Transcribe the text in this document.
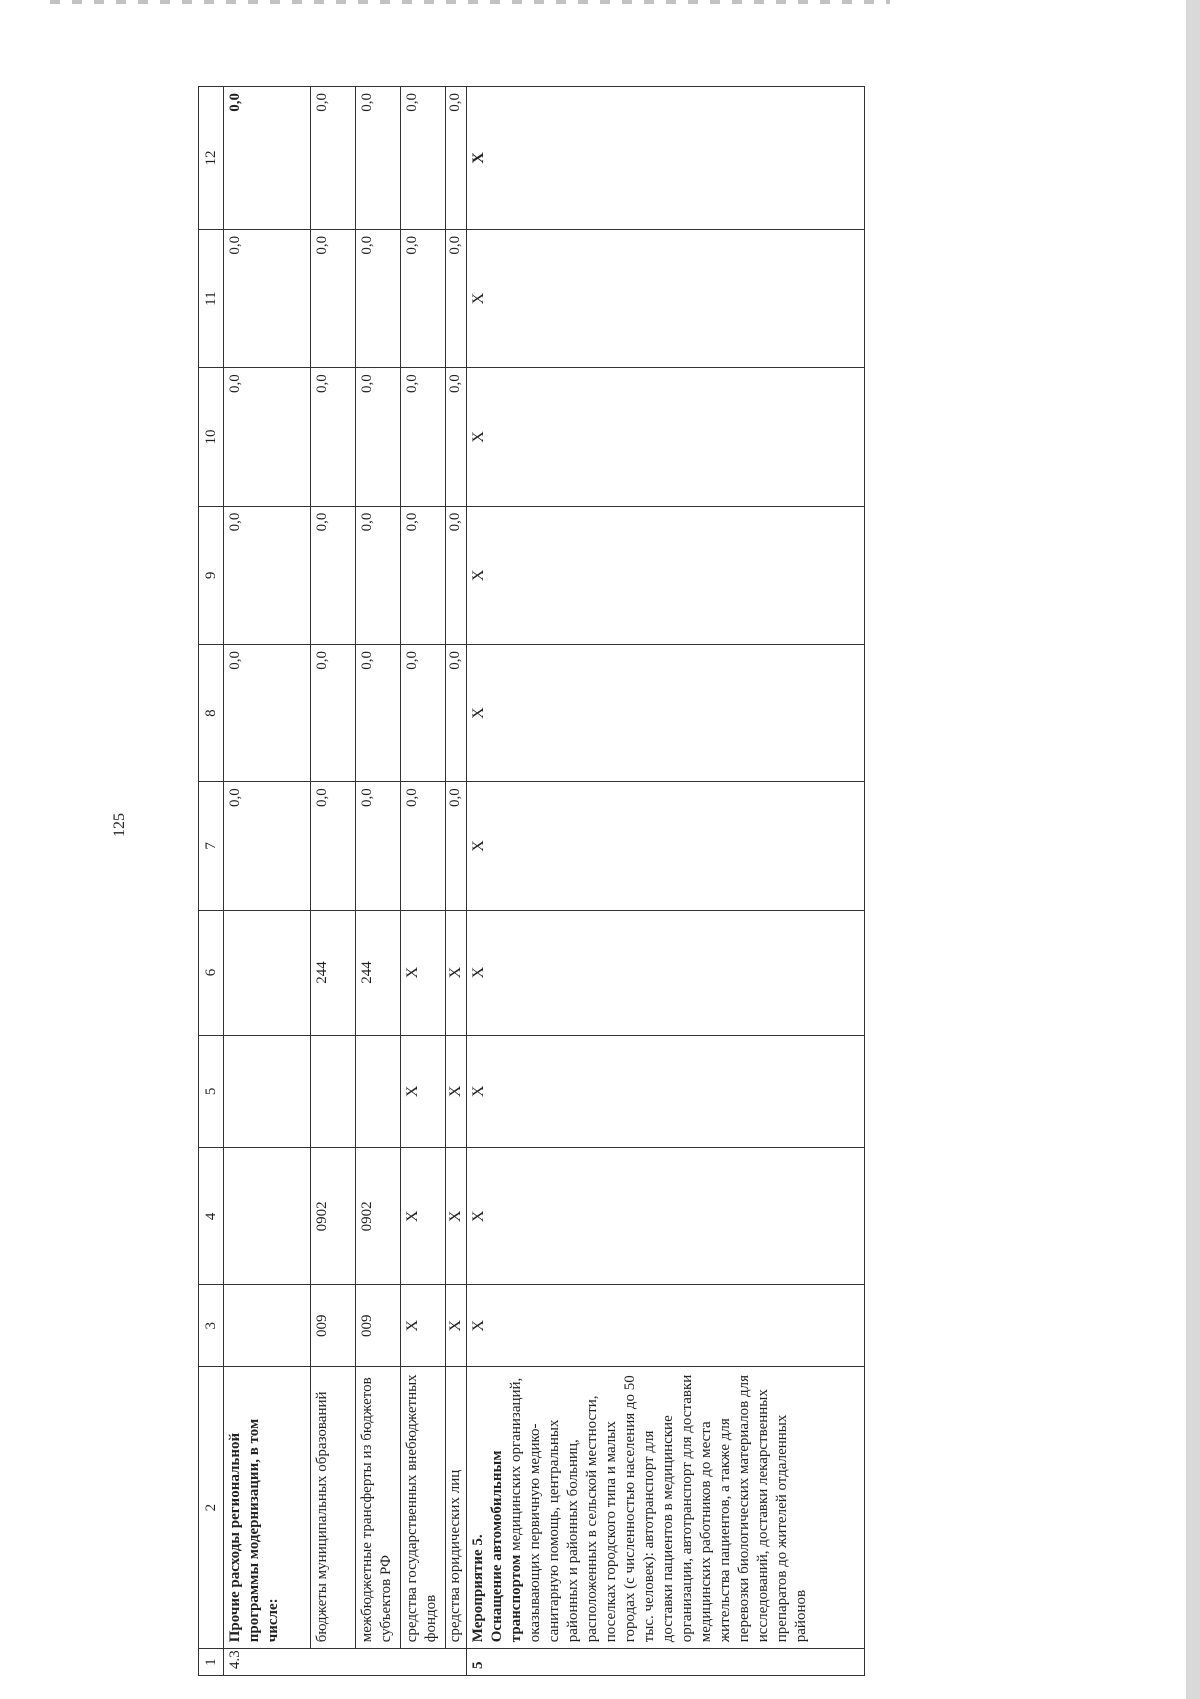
125
1	2	3	4	5	6	7	8	9	10	11	12
4.3	Прочие расходы региональной программы модернизации, в том числе:					0,0	0,0	0,0	0,0	0,0	0,0
	бюджеты муниципальных образований	009	0902		244	0,0	0,0	0,0	0,0	0,0	0,0
	межбюджетные трансферты из бюджетов субъектов РФ	009	0902		244	0,0	0,0	0,0	0,0	0,0	0,0
	средства государственных внебюджетных фондов	X	X	X	X	0,0	0,0	0,0	0,0	0,0	0,0
	средства юридических лиц	X	X	X	X	0,0	0,0	0,0	0,0	0,0	0,0
5	Мероприятие 5. Оснащение автомобильным транспортом медицинских организаций, оказывающих первичную медико-санитарную помощь, центральных районных и районных больниц, расположенных в сельской местности, поселках городского типа и малых городах (с численностью населения до 50 тыс. человек): автотранспорт для доставки пациентов в медицинские организации, автотранспорт для доставки медицинских работников до места жительства пациентов, а также для перевозки биологических материалов для исследований, доставки лекарственных препаратов до жителей отдаленных районов	X	X	X	X	X	X	X	X	X	X
